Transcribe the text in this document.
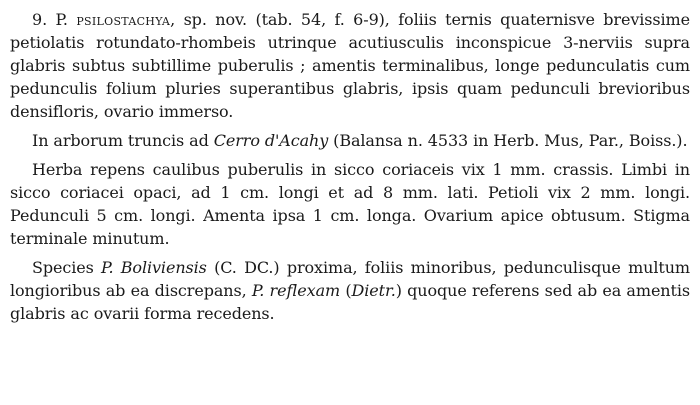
9. P. psilostachya, sp. nov. (tab. 54, f. 6-9), foliis ternis quaternisve brevissime petiolatis rotundato-rhombeis utrinque acutiusculis inconspicue 3-nerviis supra glabris subtus subtillime puberulis ; amentis terminalibus, longe pedunculatis cum pedunculis folium pluries superantibus glabris, ipsis quam pedunculi brevioribus densifloris, ovario immerso.

In arborum truncis ad Cerro d'Acahy (Balansa n. 4533 in Herb. Mus, Par., Boiss.).

Herba repens caulibus puberulis in sicco coriaceis vix 1 mm. crassis. Limbi in sicco coriacei opaci, ad 1 cm. longi et ad 8 mm. lati. Petioli vix 2 mm. longi. Pedunculi 5 cm. longi. Amenta ipsa 1 cm. longa. Ovarium apice obtusum. Stigma terminale minutum.

Species P. Boliviensis (C. DC.) proxima, foliis minoribus, pedunculisque multum longioribus ab ea discrepans, P. reflexam (Dietr.) quoque referens sed ab ea amentis glabris ac ovarii forma recedens.
